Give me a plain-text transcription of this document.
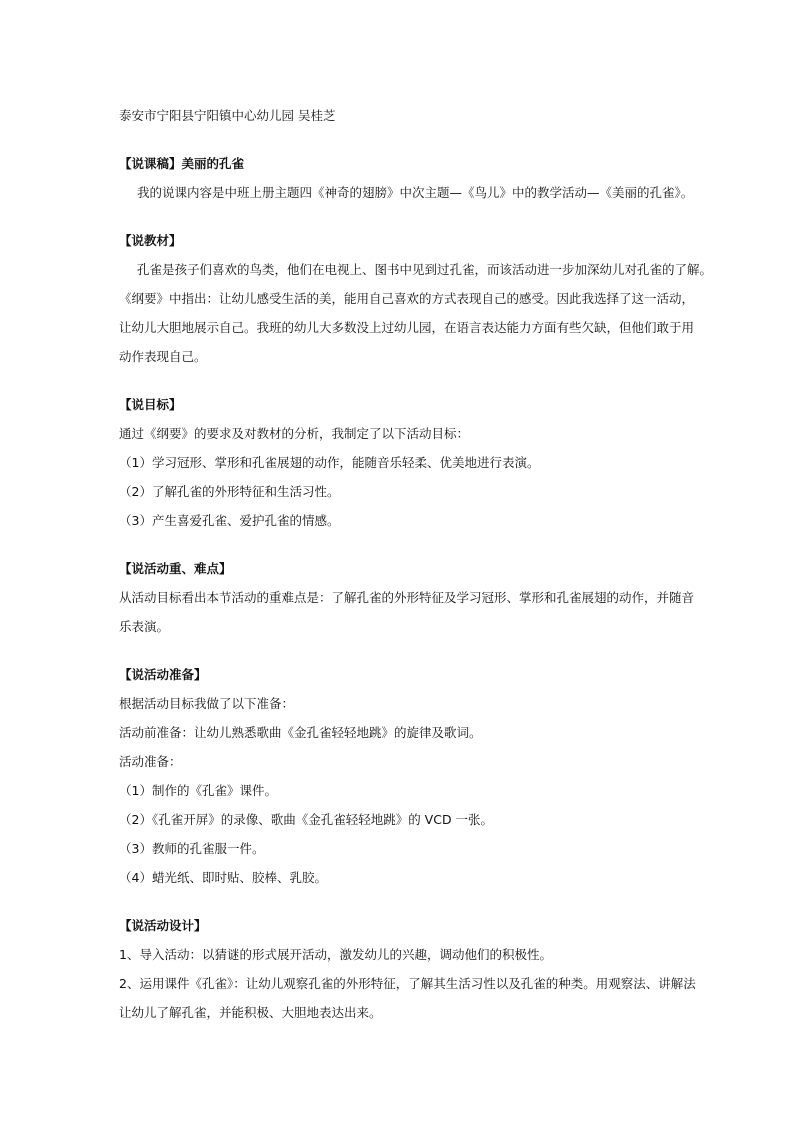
泰安市宁阳县宁阳镇中心幼儿园 吴桂芝

【说课稿】美丽的孔雀

我的说课内容是中班上册主题四《神奇的翅膀》中次主题—《鸟儿》中的教学活动—《美丽的孔雀》。

【说教材】

孔雀是孩子们喜欢的鸟类，他们在电视上、图书中见到过孔雀，而该活动进一步加深幼儿对孔雀的了解。

《纲要》中指出：让幼儿感受生活的美，能用自己喜欢的方式表现自己的感受。因此我选择了这一活动，

让幼儿大胆地展示自己。我班的幼儿大多数没上过幼儿园，在语言表达能力方面有些欠缺，但他们敢于用

动作表现自己。

【说目标】

通过《纲要》的要求及对教材的分析，我制定了以下活动目标：

（1）学习冠形、掌形和孔雀展翅的动作，能随音乐轻柔、优美地进行表演。

（2）了解孔雀的外形特征和生活习性。

（3）产生喜爱孔雀、爱护孔雀的情感。

【说活动重、难点】

从活动目标看出本节活动的重难点是：了解孔雀的外形特征及学习冠形、掌形和孔雀展翅的动作，并随音

乐表演。

【说活动准备】

根据活动目标我做了以下准备：

活动前准备：让幼儿熟悉歌曲《金孔雀轻轻地跳》的旋律及歌词。

活动准备：

（1）制作的《孔雀》课件。

（2）《孔雀开屏》的录像、歌曲《金孔雀轻轻地跳》的 VCD 一张。

（3）教师的孔雀服一件。

（4）蜡光纸、即时贴、胶棒、乳胶。

【说活动设计】

1、导入活动：以猜谜的形式展开活动，激发幼儿的兴趣，调动他们的积极性。

2、运用课件《孔雀》：让幼儿观察孔雀的外形特征，了解其生活习性以及孔雀的种类。用观察法、讲解法

让幼儿了解孔雀，并能积极、大胆地表达出来。
